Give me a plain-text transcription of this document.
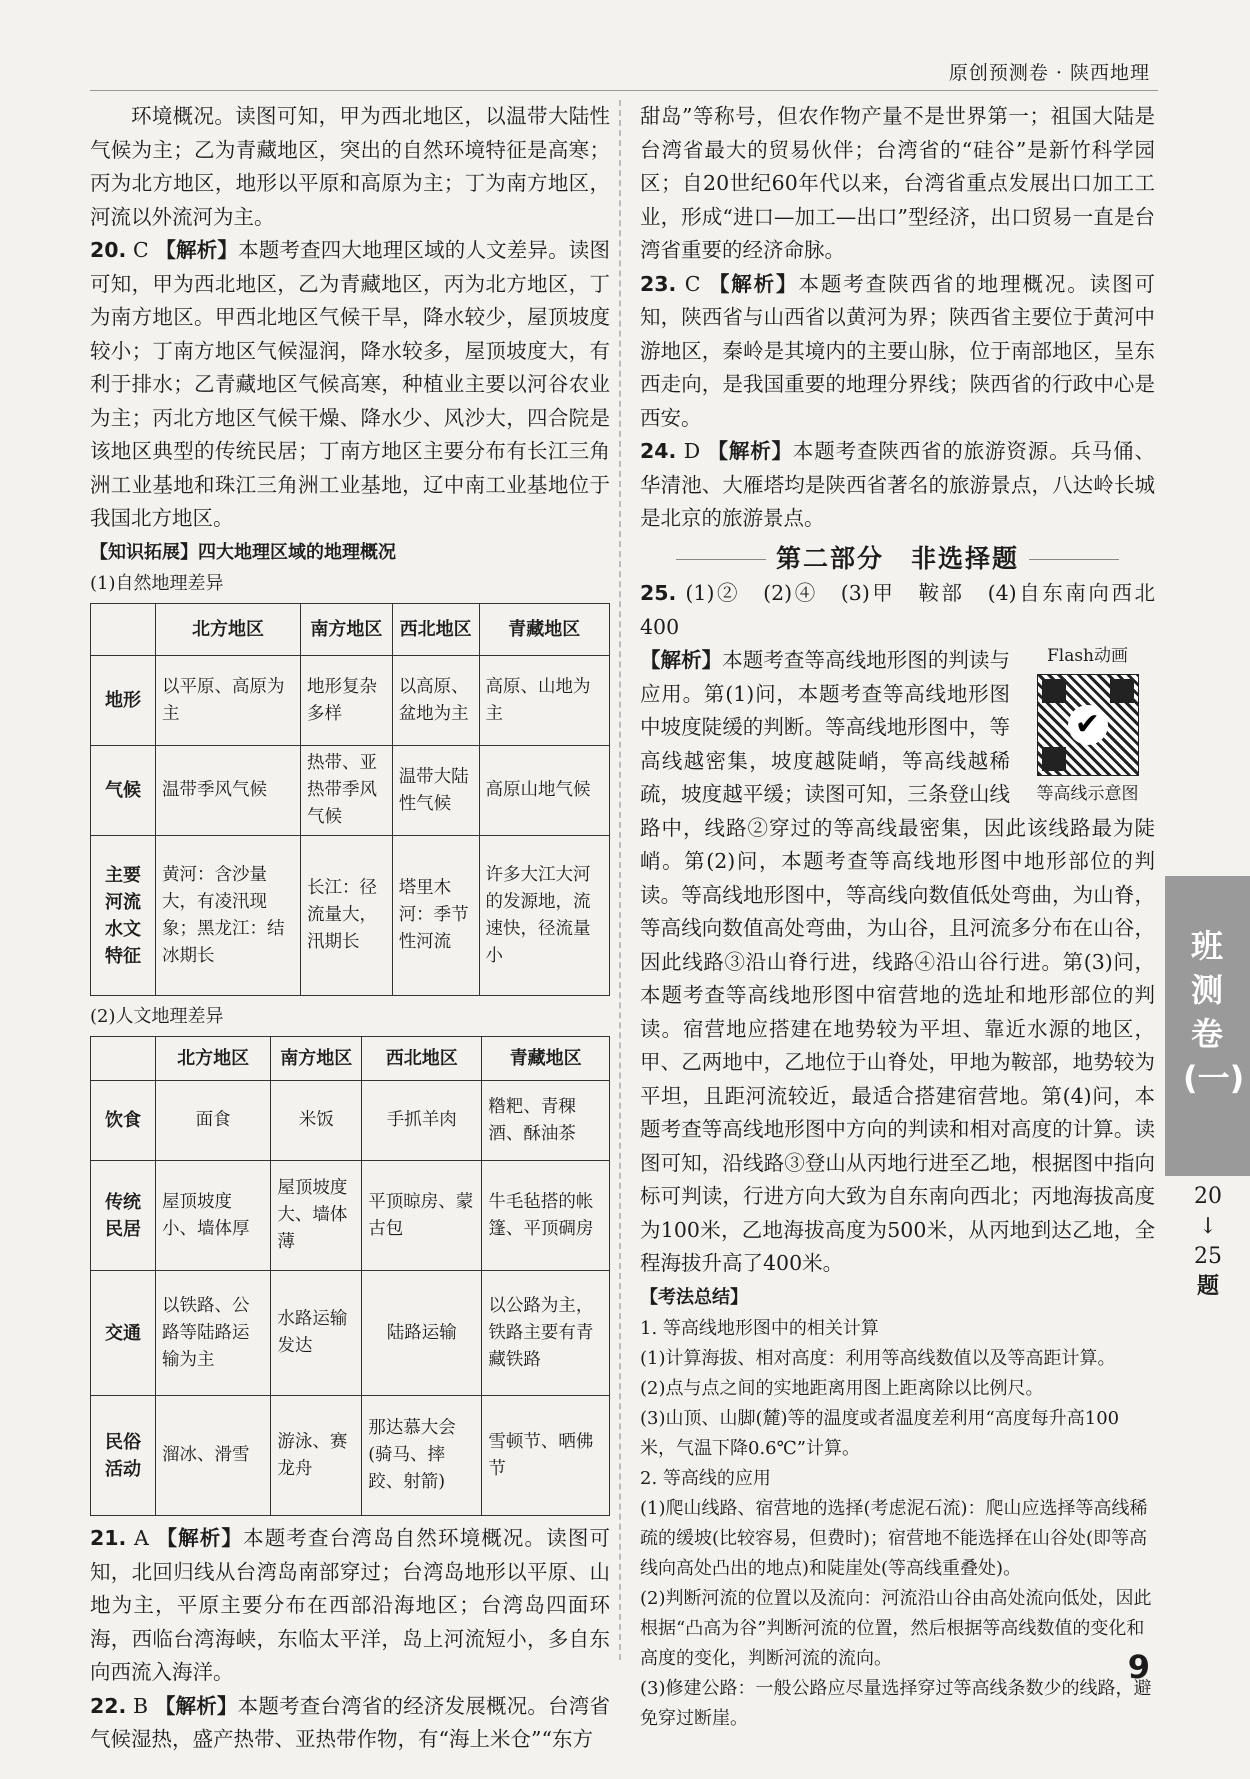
原创预测卷 · 陕西地理

环境概况。读图可知，甲为西北地区，以温带大陆性气候为主；乙为青藏地区，突出的自然环境特征是高寒；丙为北方地区，地形以平原和高原为主；丁为南方地区，河流以外流河为主。

20. C 【解析】本题考查四大地理区域的人文差异。读图可知，甲为西北地区，乙为青藏地区，丙为北方地区，丁为南方地区。甲西北地区气候干旱，降水较少，屋顶坡度较小；丁南方地区气候湿润，降水较多，屋顶坡度大，有利于排水；乙青藏地区气候高寒，种植业主要以河谷农业为主；丙北方地区气候干燥、降水少、风沙大，四合院是该地区典型的传统民居；丁南方地区主要分布有长江三角洲工业基地和珠江三角洲工业基地，辽中南工业基地位于我国北方地区。

【知识拓展】四大地理区域的地理概况
(1)自然地理差异
	北方地区	南方地区	西北地区	青藏地区
地形	以平原、高原为主	地形复杂多样	以高原、盆地为主	高原、山地为主
气候	温带季风气候	热带、亚热带季风气候	温带大陆性气候	高原山地气候
主要河流水文特征	黄河：含沙量大，有凌汛现象；黑龙江：结冰期长	长江：径流量大，汛期长	塔里木河：季节性河流	许多大江大河的发源地，流速快，径流量小
(2)人文地理差异
	北方地区	南方地区	西北地区	青藏地区
饮食	面食	米饭	手抓羊肉	糌粑、青稞酒、酥油茶
传统民居	屋顶坡度小、墙体厚	屋顶坡度大、墙体薄	平顶晾房、蒙古包	牛毛毡搭的帐篷、平顶碉房
交通	以铁路、公路等陆路运输为主	水路运输发达	陆路运输	以公路为主，铁路主要有青藏铁路
民俗活动	溜冰、滑雪	游泳、赛龙舟	那达慕大会(骑马、摔跤、射箭)	雪顿节、晒佛节

21. A 【解析】本题考查台湾岛自然环境概况。读图可知，北回归线从台湾岛南部穿过；台湾岛地形以平原、山地为主，平原主要分布在西部沿海地区；台湾岛四面环海，西临台湾海峡，东临太平洋，岛上河流短小，多自东向西流入海洋。

22. B 【解析】本题考查台湾省的经济发展概况。台湾省气候湿热，盛产热带、亚热带作物，有“海上米仓”“东方

甜岛”等称号，但农作物产量不是世界第一；祖国大陆是台湾省最大的贸易伙伴；台湾省的“硅谷”是新竹科学园区；自20世纪60年代以来，台湾省重点发展出口加工工业，形成“进口—加工—出口”型经济，出口贸易一直是台湾省重要的经济命脉。

23. C 【解析】本题考查陕西省的地理概况。读图可知，陕西省与山西省以黄河为界；陕西省主要位于黄河中游地区，秦岭是其境内的主要山脉，位于南部地区，呈东西走向，是我国重要的地理分界线；陕西省的行政中心是西安。

24. D 【解析】本题考查陕西省的旅游资源。兵马俑、华清池、大雁塔均是陕西省著名的旅游景点，八达岭长城是北京的旅游景点。

第二部分　非选择题

25. (1)②　(2)④　(3)甲　鞍部　(4)自东南向西北　400

Flash动画
✔
等高线示意图

【解析】本题考查等高线地形图的判读与应用。第(1)问，本题考查等高线地形图中坡度陡缓的判断。等高线地形图中，等高线越密集，坡度越陡峭，等高线越稀疏，坡度越平缓；读图可知，三条登山线路中，线路②穿过的等高线最密集，因此该线路最为陡峭。第(2)问，本题考查等高线地形图中地形部位的判读。等高线地形图中，等高线向数值低处弯曲，为山脊，等高线向数值高处弯曲，为山谷，且河流多分布在山谷，因此线路③沿山脊行进，线路④沿山谷行进。第(3)问，本题考查等高线地形图中宿营地的选址和地形部位的判读。宿营地应搭建在地势较为平坦、靠近水源的地区，甲、乙两地中，乙地位于山脊处，甲地为鞍部，地势较为平坦，且距河流较近，最适合搭建宿营地。第(4)问，本题考查等高线地形图中方向的判读和相对高度的计算。读图可知，沿线路③登山从丙地行进至乙地，根据图中指向标可判读，行进方向大致为自东南向西北；丙地海拔高度为100米，乙地海拔高度为500米，从丙地到达乙地，全程海拔升高了400米。

【考法总结】
1. 等高线地形图中的相关计算
(1)计算海拔、相对高度：利用等高线数值以及等高距计算。
(2)点与点之间的实地距离用图上距离除以比例尺。
(3)山顶、山脚(麓)等的温度或者温度差利用“高度每升高100米，气温下降0.6℃”计算。
2. 等高线的应用
(1)爬山线路、宿营地的选择(考虑泥石流)：爬山应选择等高线稀疏的缓坡(比较容易，但费时)；宿营地不能选择在山谷处(即等高线向高处凸出的地点)和陡崖处(等高线重叠处)。
(2)判断河流的位置以及流向：河流沿山谷由高处流向低处，因此根据“凸高为谷”判断河流的位置，然后根据等高线数值的变化和高度的变化，判断河流的流向。
(3)修建公路：一般公路应尽量选择穿过等高线条数少的线路，避免穿过断崖。
班测卷(一)
20
↓
25
题
9
